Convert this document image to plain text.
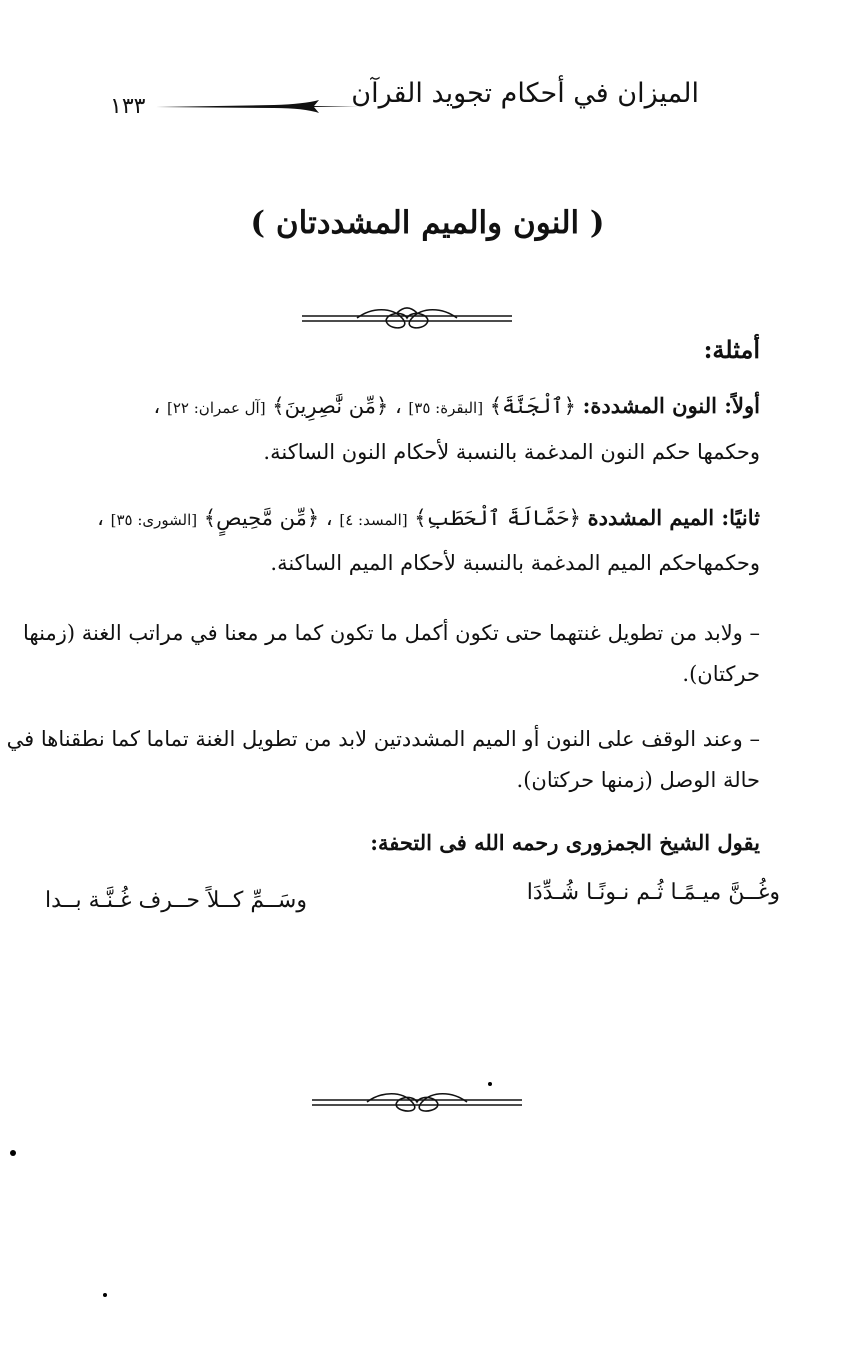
الميزان في أحكام تجويد القرآن
١٣٣
( النون والميم المشددتان )
أمثلة:
أولاً: النون المشددة: ﴿ٱلْجَنَّةَ﴾ [البقرة: ٣٥] ، ﴿مِّن نَّٰصِرِينَ﴾ [آل عمران: ٢٢] ،
وحكمها حكم النون المدغمة بالنسبة لأحكام النون الساكنة.
ثانيًا: الميم المشددة ﴿حَمَّالَةَ ٱلْحَطَبِ﴾ [المسد: ٤] ، ﴿مِّن مَّحِيصٍ﴾ [الشورى: ٣٥] ،
وحكمهاحكم الميم المدغمة بالنسبة لأحكام الميم الساكنة.
– ولابد من تطويل غنتهما حتى تكون أكمل ما تكون كما مر معنا في مراتب الغنة (زمنها حركتان).
– وعند الوقف على النون أو الميم المشددتين لابد من تطويل الغنة تماما كما نطقناها في حالة الوصل (زمنها حركتان).
يقول الشيخ الجمزورى رحمه الله فى التحفة:
وغُــنَّ ميـمًـا ثُـم نـونًـا شُـدِّدَا
وسَــمِّ كــلاً حــرف غُـنَّـة بــدا
